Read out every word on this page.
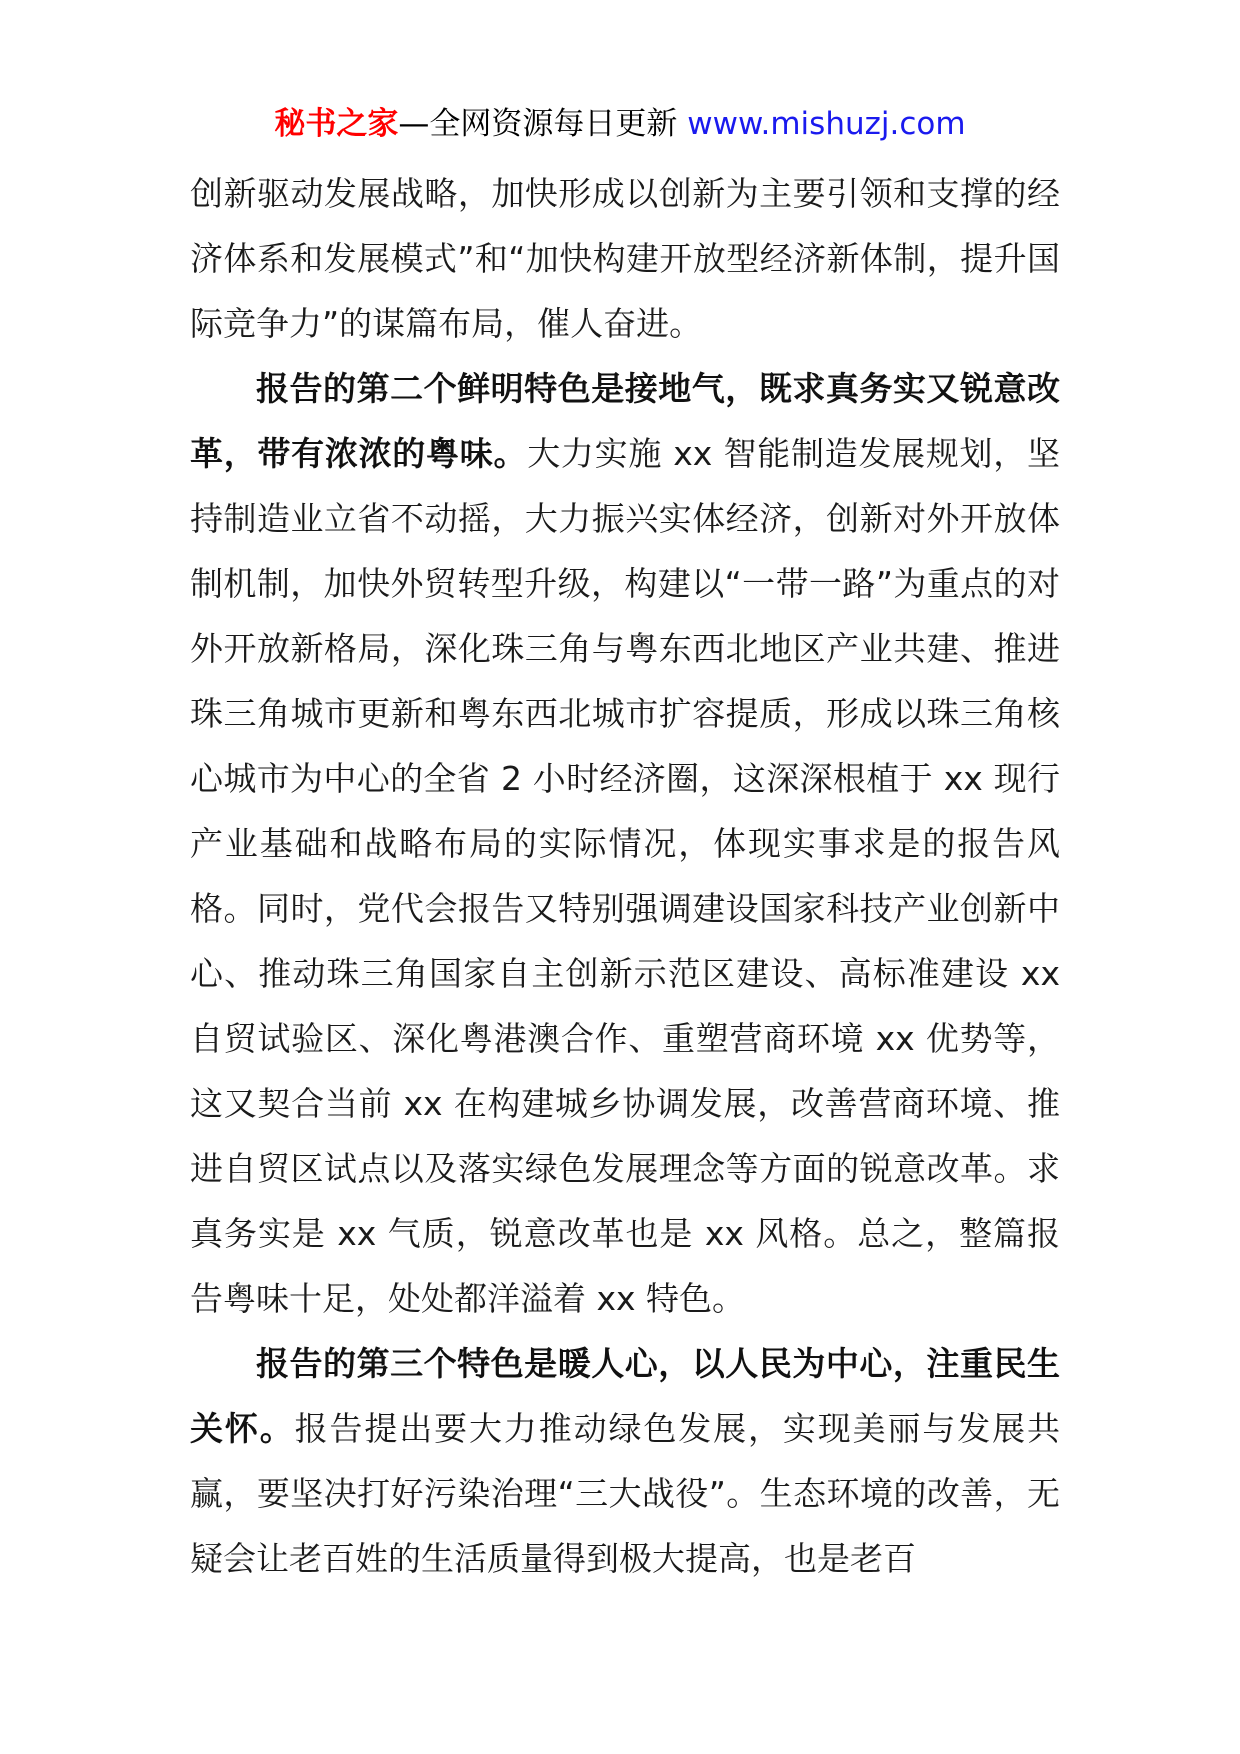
秘书之家—全网资源每日更新 www.mishuzj.com

创新驱动发展战略，加快形成以创新为主要引领和支撑的经济体系和发展模式”和“加快构建开放型经济新体制，提升国际竞争力”的谋篇布局，催人奋进。

报告的第二个鲜明特色是接地气，既求真务实又锐意改革，带有浓浓的粤味。大力实施 xx 智能制造发展规划，坚持制造业立省不动摇，大力振兴实体经济，创新对外开放体制机制，加快外贸转型升级，构建以“一带一路”为重点的对外开放新格局，深化珠三角与粤东西北地区产业共建、推进珠三角城市更新和粤东西北城市扩容提质，形成以珠三角核心城市为中心的全省 2 小时经济圈，这深深根植于 xx 现行产业基础和战略布局的实际情况，体现实事求是的报告风格。同时，党代会报告又特别强调建设国家科技产业创新中心、推动珠三角国家自主创新示范区建设、高标准建设 xx 自贸试验区、深化粤港澳合作、重塑营商环境 xx 优势等，这又契合当前 xx 在构建城乡协调发展，改善营商环境、推进自贸区试点以及落实绿色发展理念等方面的锐意改革。求真务实是 xx 气质，锐意改革也是 xx 风格。总之，整篇报告粤味十足，处处都洋溢着 xx 特色。

报告的第三个特色是暖人心，以人民为中心，注重民生关怀。报告提出要大力推动绿色发展，实现美丽与发展共赢，要坚决打好污染治理“三大战役”。生态环境的改善，无疑会让老百姓的生活质量得到极大提高，也是老百
